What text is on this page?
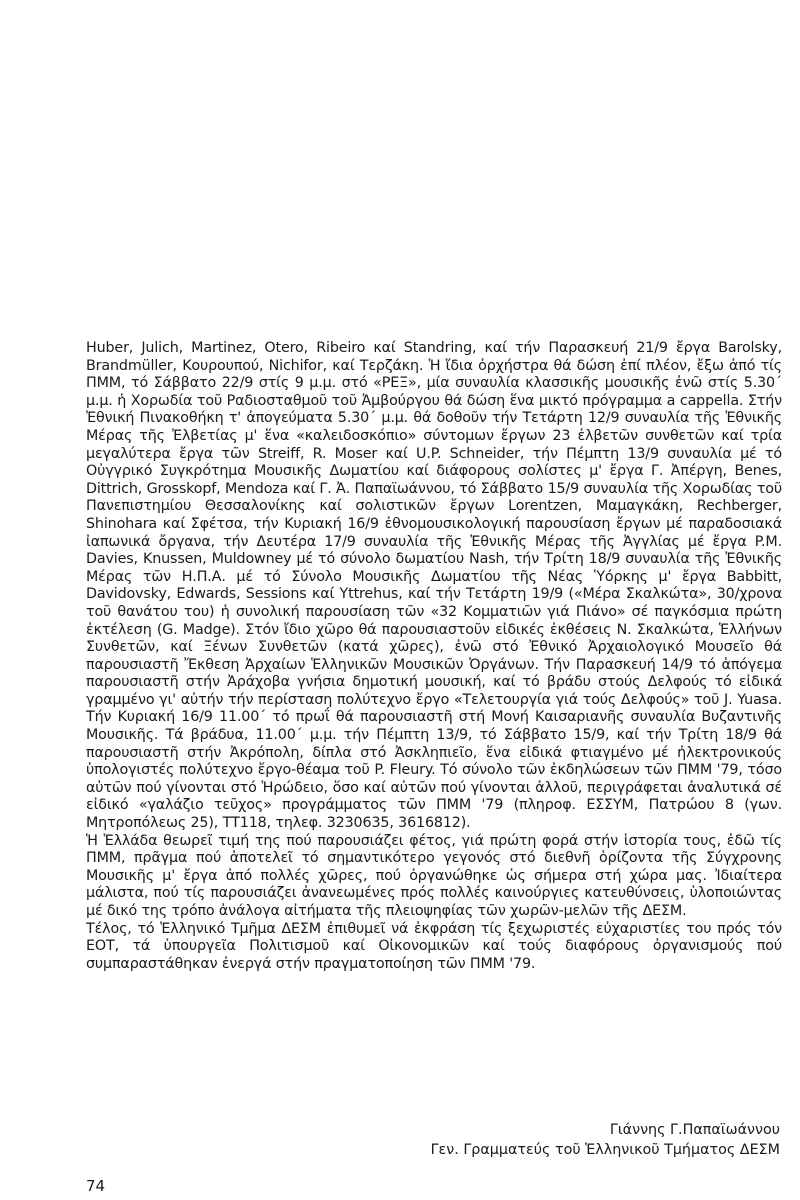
Huber, Julich, Martinez, Otero, Ribeiro καί Standring, καί τήν Παρασκευή 21/9 ἔργα Barolsky, Brandmüller, Κουρουπού, Nichifor, καί Τερζάκη. Ἡ ἴδια ὀρχήστρα θά δώση ἐπί πλέον, ἔξω ἀπό τίς ΠΜΜ, τό Σάββατο 22/9 στίς 9 μ.μ. στό «ΡΕΞ», μία συναυλία κλασσικῆς μουσικῆς ἐνῶ στίς 5.30΄ μ.μ. ἡ Χορωδία τοῦ Ραδιοσταθμοῦ τοῦ Ἀμβούργου θά δώση ἕνα μικτό πρόγραμμα a cappella. Στήν Ἐθνική Πινακοθήκη τ' ἀπογεύματα 5.30΄ μ.μ. θά δοθοῦν τήν Τετάρτη 12/9 συναυλία τῆς Ἐθνικῆς Μέρας τῆς Ἐλβετίας μ' ἕνα «καλειδοσκόπιο» σύντομων ἔργων 23 ἐλβετῶν συνθετῶν καί τρία μεγαλύτερα ἔργα τῶν Streiff, R. Moser καί U.P. Schneider, τήν Πέμπτη 13/9 συναυλία μέ τό Οὐγγρικό Συγκρότημα Μουσικῆς Δωματίου καί διάφορους σολίστες μ' ἔργα Γ. Ἀπέργη, Benes, Dittrich, Grosskopf, Mendoza καί Γ. Ἀ. Παπαϊωάννου, τό Σάββατο 15/9 συναυλία τῆς Χορωδίας τοῦ Πανεπιστημίου Θεσσαλονίκης καί σολιστικῶν ἔργων Lorentzen, Μαμαγκάκη, Rechberger, Shinohara καί Σφέτσα, τήν Κυριακή 16/9 ἐθνομουσικολογική παρουσίαση ἔργων μέ παραδοσιακά ἰαπωνικά ὄργανα, τήν Δευτέρα 17/9 συναυλία τῆς Ἐθνικῆς Μέρας τῆς Ἀγγλίας μέ ἔργα P.M. Davies, Knussen, Muldowney μέ τό σύνολο δωματίου Nash, τήν Τρίτη 18/9 συναυλία τῆς Ἐθνικῆς Μέρας τῶν Η.Π.Α. μέ τό Σύνολο Μουσικῆς Δωματίου τῆς Νέας Ὑόρκης μ' ἔργα Babbitt, Davidovsky, Edwards, Sessions καί Yttrehus, καί τήν Τετάρτη 19/9 («Μέρα Σκαλκώτα», 30/χρονα τοῦ θανάτου του) ἡ συνολική παρουσίαση τῶν «32 Κομματιῶν γιά Πιάνο» σέ παγκόσμια πρώτη ἐκτέλεση (G. Madge). Στόν ἴδιο χῶρο θά παρουσιαστοῦν εἰδικές ἐκθέσεις Ν. Σκαλκώτα, Ἑλλήνων Συνθετῶν, καί Ξένων Συνθετῶν (κατά χῶρες), ἐνῶ στό Ἐθνικό Ἀρχαιολογικό Μουσεῖο θά παρουσιαστῆ Ἔκθεση Ἀρχαίων Ἑλληνικῶν Μουσικῶν Ὀργάνων. Τήν Παρασκευή 14/9 τό ἀπόγεμα παρουσιαστῆ στήν Ἀράχοβα γνήσια δημοτική μουσική, καί τό βράδυ στούς Δελφούς τό εἰδικά γραμμένο γι' αὐτήν τήν περίσταση πολύτεχνο ἔργο «Τελετουργία γιά τούς Δελφούς» τοῦ J. Yuasa. Τήν Κυριακή 16/9 11.00΄ τό πρωΐ θά παρουσιαστῆ στή Μονή Καισαριανῆς συναυλία Βυζαντινῆς Μουσικῆς. Τά βράδυα, 11.00΄ μ.μ. τήν Πέμπτη 13/9, τό Σάββατο 15/9, καί τήν Τρίτη 18/9 θά παρουσιαστῆ στήν Ἀκρόπολη, δίπλα στό Ἀσκληπιεῖο, ἕνα εἰδικά φτιαγμένο μέ ἠλεκτρονικούς ὑπολογιστές πολύτεχνο ἔργο-θέαμα τοῦ P. Fleury. Τό σύνολο τῶν ἐκδηλώσεων τῶν ΠΜΜ '79, τόσο αὐτῶν πού γίνονται στό Ἡρώδειο, ὅσο καί αὐτῶν πού γίνονται ἀλλοῦ, περιγράφεται ἀναλυτικά σέ εἰδικό «γαλάζιο τεῦχος» προγράμματος τῶν ΠΜΜ '79 (πληροφ. ΕΣΣΥΜ, Πατρώου 8 (γων. Μητροπόλεως 25), ΤΤ118, τηλεφ. 3230635, 3616812).

Ἡ Ἑλλάδα θεωρεῖ τιμή της πού παρουσιάζει φέτος, γιά πρώτη φορά στήν ἱστορία τους, ἐδῶ τίς ΠΜΜ, πρᾶγμα πού ἀποτελεῖ τό σημαντικότερο γεγονός στό διεθνῆ ὁρίζοντα τῆς Σύγχρονης Μουσικῆς μ' ἔργα ἀπό πολλές χῶρες, πού ὀργανώθηκε ὡς σήμερα στή χώρα μας. Ἰδιαίτερα μάλιστα, πού τίς παρουσιάζει ἀνανεωμένες πρός πολλές καινούργιες κατευθύνσεις, ὑλοποιώντας μέ δικό της τρόπο ἀνάλογα αἰτήματα τῆς πλειοψηφίας τῶν χωρῶν-μελῶν τῆς ΔΕΣΜ.

Τέλος, τό Ἑλληνικό Τμῆμα ΔΕΣΜ ἐπιθυμεῖ νά ἐκφράση τίς ξεχωριστές εὐχαριστίες του πρός τόν ΕΟΤ, τά ὑπουργεῖα Πολιτισμοῦ καί Οἰκονομικῶν καί τούς διαφόρους ὀργανισμούς πού συμπαραστάθηκαν ἐνεργά στήν πραγματοποίηση τῶν ΠΜΜ '79.

Γιάννης Γ.Παπαϊωάννου
Γεν. Γραμματεύς τοῦ Ἑλληνικοῦ Τμήματος ΔΕΣΜ
74
